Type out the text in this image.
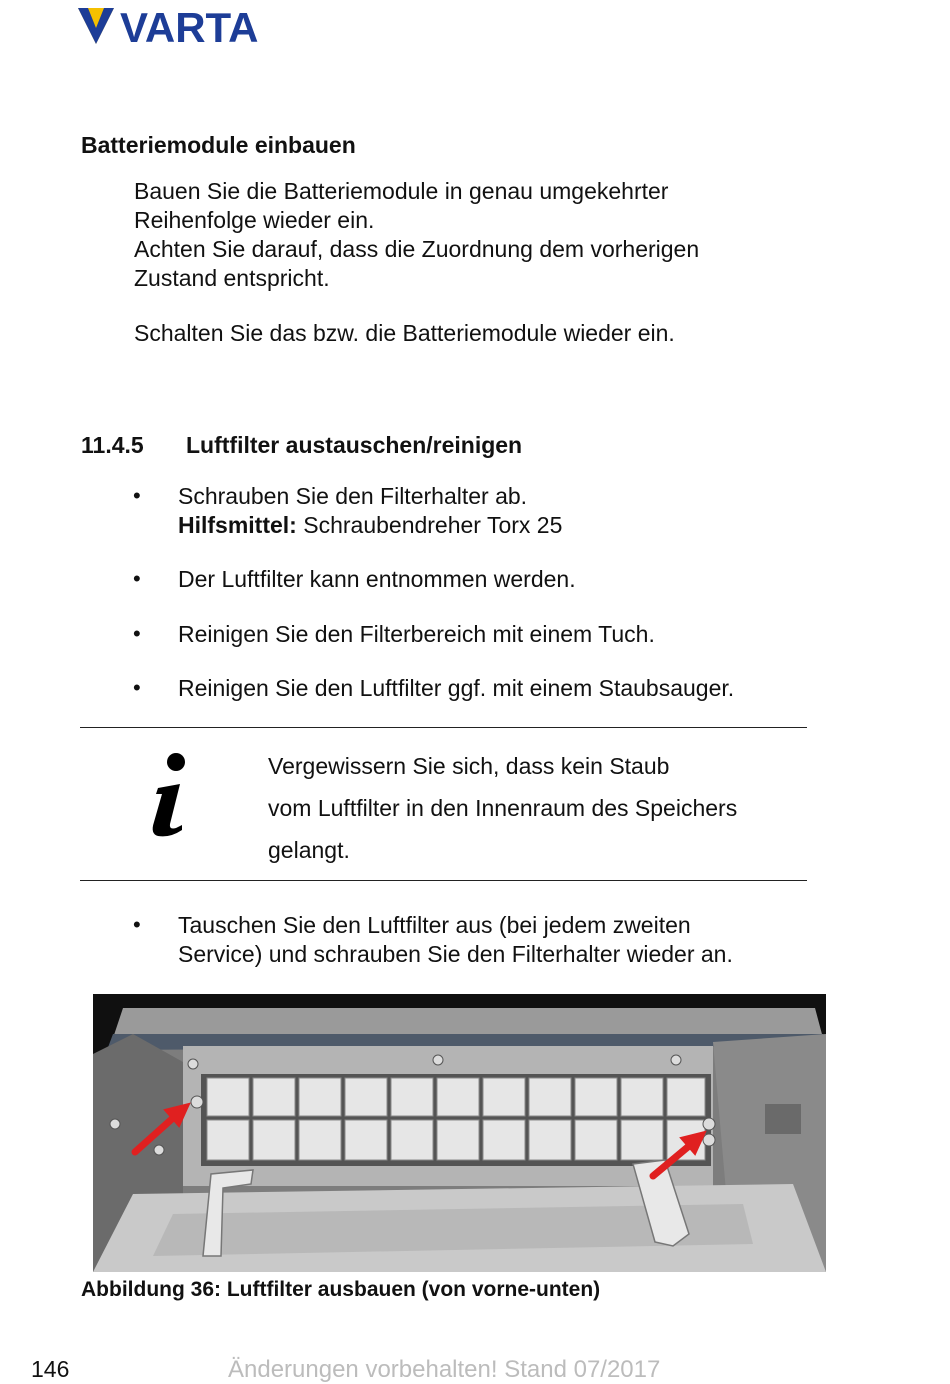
VARTA
Batteriemodule einbauen
Bauen Sie die Batteriemodule in genau umgekehrter
Reihenfolge wieder ein.
Achten Sie darauf, dass die Zuordnung dem vorherigen
Zustand entspricht.
Schalten Sie das bzw. die Batteriemodule wieder ein.
11.4.5 Luftfilter austauschen/reinigen
• Schrauben Sie den Filterhalter ab.
Hilfsmittel: Schraubendreher Torx 25
• Der Luftfilter kann entnommen werden.
• Reinigen Sie den Filterbereich mit einem Tuch.
• Reinigen Sie den Luftfilter ggf. mit einem Staubsauger.
Vergewissern Sie sich, dass kein Staub
vom Luftfilter in den Innenraum des Speichers
gelangt.
• Tauschen Sie den Luftfilter aus (bei jedem zweiten
Service) und schrauben Sie den Filterhalter wieder an.
Abbildung 36: Luftfilter ausbauen (von vorne-unten)
146	Änderungen vorbehalten! Stand 07/2017
